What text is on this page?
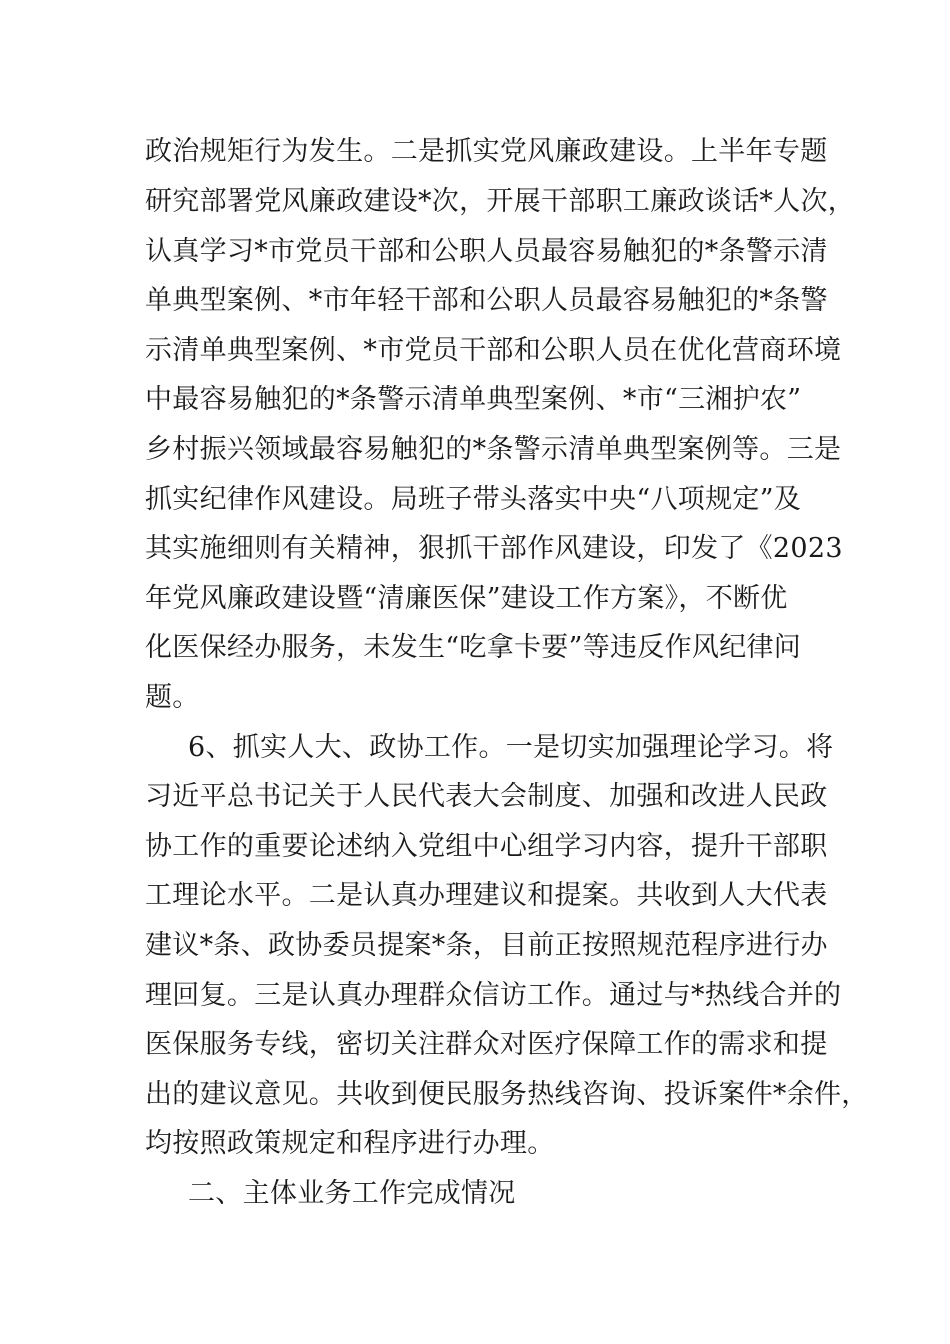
政治规矩行为发生。二是抓实党风廉政建设。上半年专题
研究部署党风廉政建设*次，开展干部职工廉政谈话*人次，
认真学习*市党员干部和公职人员最容易触犯的*条警示清
单典型案例、*市年轻干部和公职人员最容易触犯的*条警
示清单典型案例、*市党员干部和公职人员在优化营商环境
中最容易触犯的*条警示清单典型案例、*市“三湘护农”
乡村振兴领域最容易触犯的*条警示清单典型案例等。三是
抓实纪律作风建设。局班子带头落实中央“八项规定”及
其实施细则有关精神，狠抓干部作风建设，印发了《2023
年党风廉政建设暨“清廉医保”建设工作方案》，不断优
化医保经办服务，未发生“吃拿卡要”等违反作风纪律问
题。
6、抓实人大、政协工作。一是切实加强理论学习。将
习近平总书记关于人民代表大会制度、加强和改进人民政
协工作的重要论述纳入党组中心组学习内容，提升干部职
工理论水平。二是认真办理建议和提案。共收到人大代表
建议*条、政协委员提案*条，目前正按照规范程序进行办
理回复。三是认真办理群众信访工作。通过与*热线合并的
医保服务专线，密切关注群众对医疗保障工作的需求和提
出的建议意见。共收到便民服务热线咨询、投诉案件*余件，
均按照政策规定和程序进行办理。
二、主体业务工作完成情况
